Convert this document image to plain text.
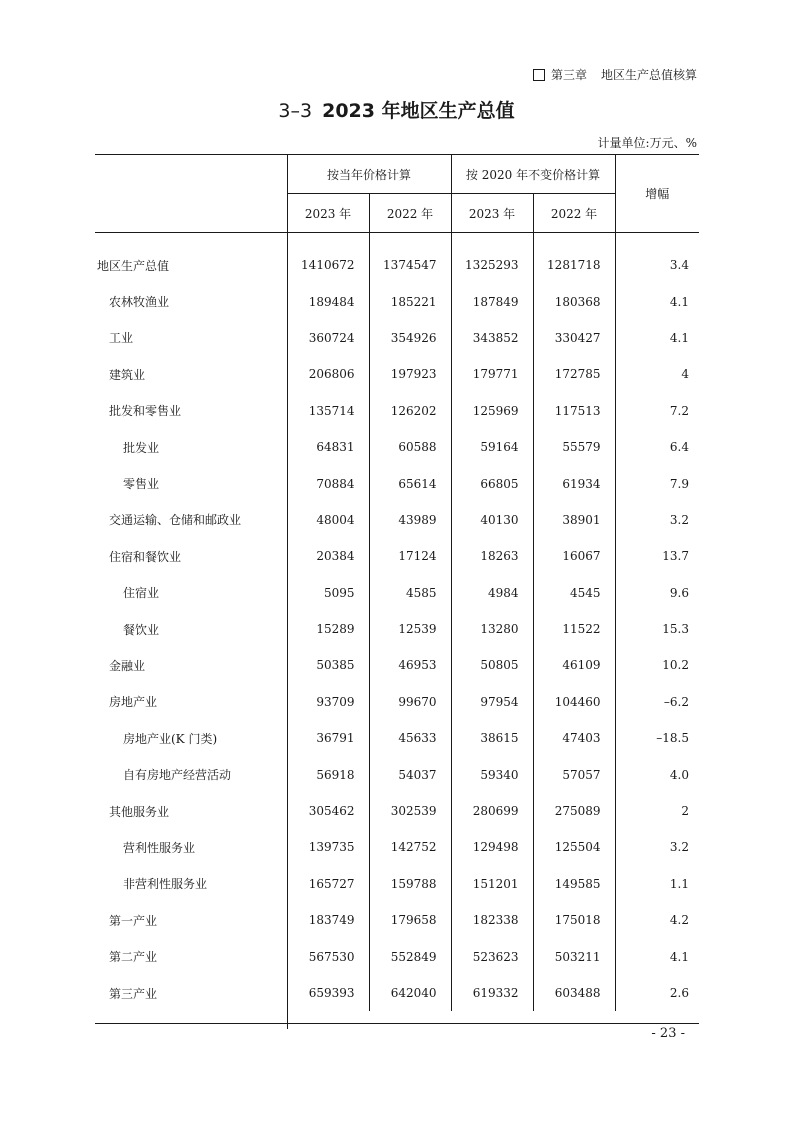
第三章 地区生产总值核算
3–3 2023 年地区生产总值
计量单位:万元、%
	按当年价格计算		按 2020 年不变价格计算		增幅
	2023 年	2022 年	2023 年	2022 年	
地区生产总值	1410672	1374547	1325293	1281718	3.4
农林牧渔业	189484	185221	187849	180368	4.1
工业	360724	354926	343852	330427	4.1
建筑业	206806	197923	179771	172785	4
批发和零售业	135714	126202	125969	117513	7.2
批发业	64831	60588	59164	55579	6.4
零售业	70884	65614	66805	61934	7.9
交通运输、仓储和邮政业	48004	43989	40130	38901	3.2
住宿和餐饮业	20384	17124	18263	16067	13.7
住宿业	5095	4585	4984	4545	9.6
餐饮业	15289	12539	13280	11522	15.3
金融业	50385	46953	50805	46109	10.2
房地产业	93709	99670	97954	104460	–6.2
房地产业(K 门类)	36791	45633	38615	47403	–18.5
自有房地产经营活动	56918	54037	59340	57057	4.0
其他服务业	305462	302539	280699	275089	2
营利性服务业	139735	142752	129498	125504	3.2
非营利性服务业	165727	159788	151201	149585	1.1
第一产业	183749	179658	182338	175018	4.2
第二产业	567530	552849	523623	503211	4.1
第三产业	659393	642040	619332	603488	2.6

- 23 -
